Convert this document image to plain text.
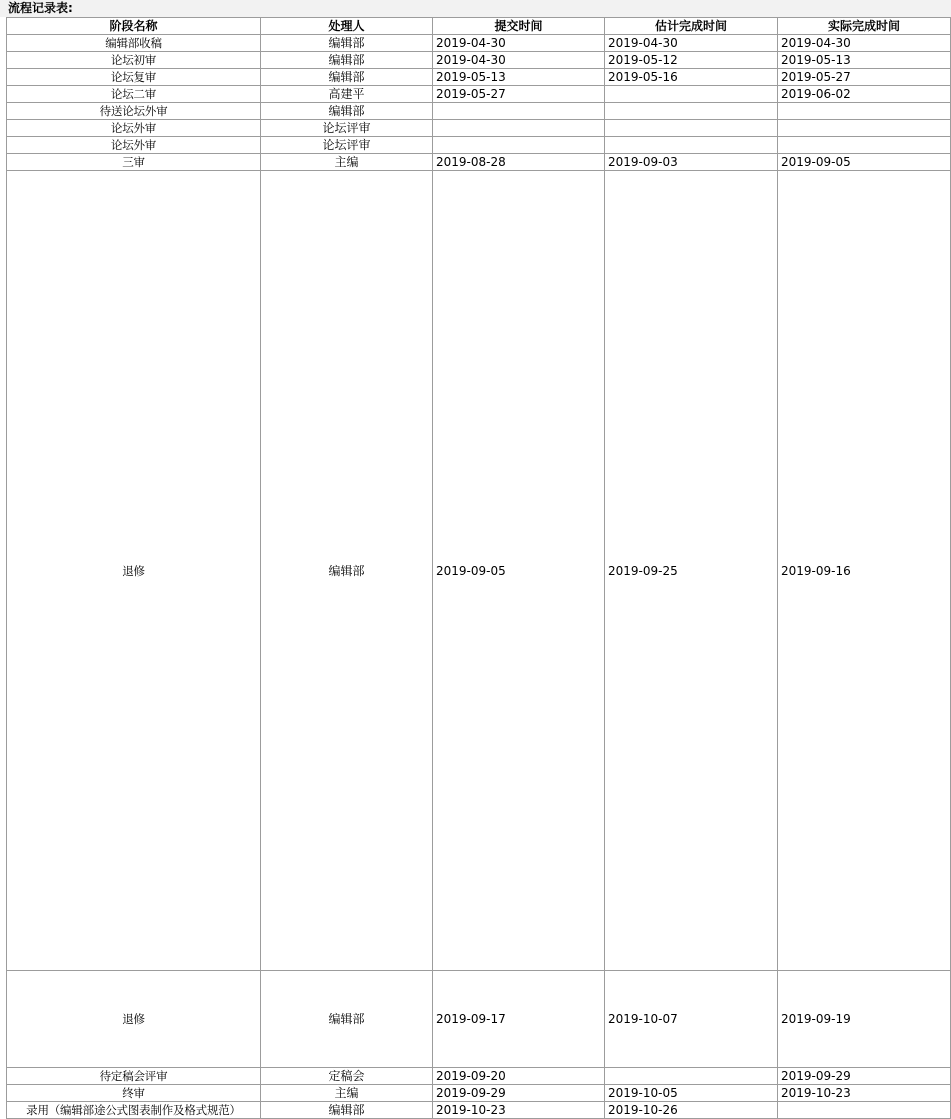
流程记录表:
阶段名称	处理人	提交时间	估计完成时间	实际完成时间
编辑部收稿	编辑部	2019-04-30	2019-04-30	2019-04-30
论坛初审	编辑部	2019-04-30	2019-05-12	2019-05-13
论坛复审	编辑部	2019-05-13	2019-05-16	2019-05-27
论坛二审	高建平	2019-05-27		2019-06-02
待送论坛外审	编辑部			
论坛外审	论坛评审			
论坛外审	论坛评审			
三审	主编	2019-08-28	2019-09-03	2019-09-05
退修	编辑部	2019-09-05	2019-09-25	2019-09-16
退修	编辑部	2019-09-17	2019-10-07	2019-09-19
待定稿会评审	定稿会	2019-09-20		2019-09-29
终审	主编	2019-09-29	2019-10-05	2019-10-23
录用（编辑部途公式图表制作及格式规范）	编辑部	2019-10-23	2019-10-26	
